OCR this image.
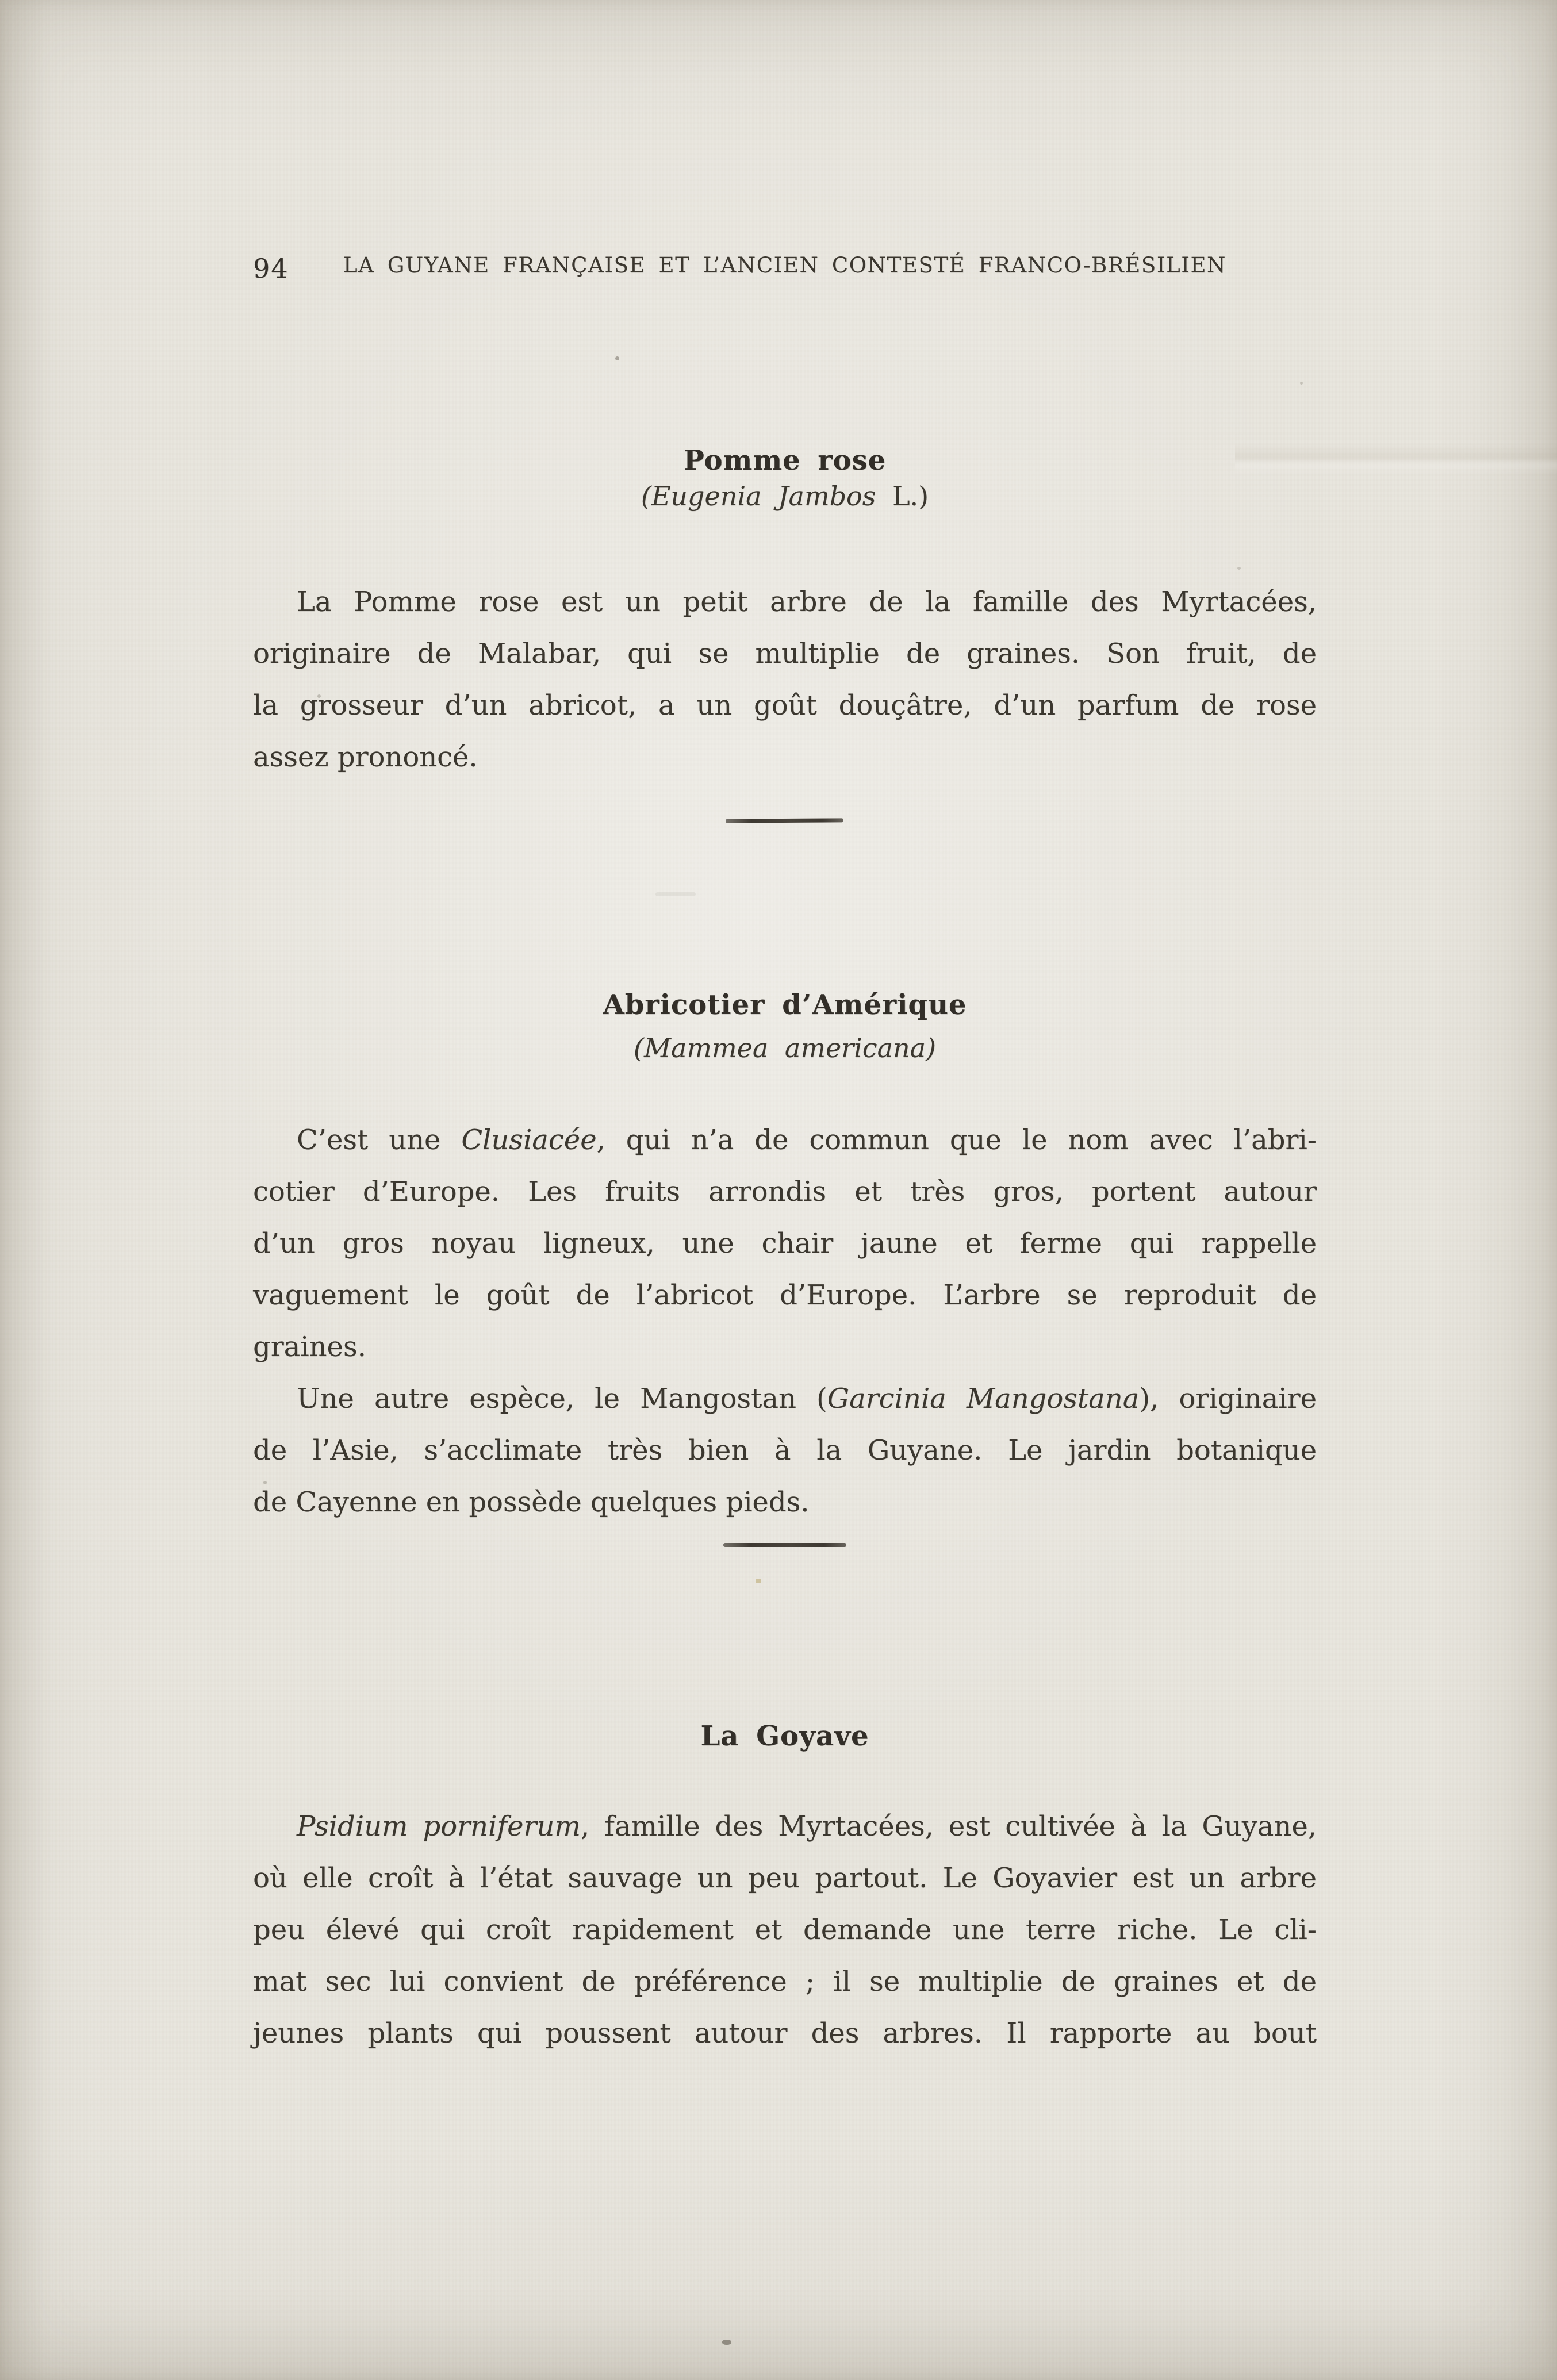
94	LA GUYANE FRANÇAISE ET L’ANCIEN CONTESTÉ FRANCO-BRÉSILIEN
Pomme rose
(Eugenia Jambos L.)
La Pomme rose est un petit arbre de la famille des Myrtacées,
originaire de Malabar, qui se multiplie de graines. Son fruit, de
la grosseur d’un abricot, a un goût douçâtre, d’un parfum de rose
assez prononcé.
Abricotier d’Amérique
(Mammea americana)
C’est une Clusiacée, qui n’a de commun que le nom avec l’abri-
cotier d’Europe. Les fruits arrondis et très gros, portent autour
d’un gros noyau ligneux, une chair jaune et ferme qui rappelle
vaguement le goût de l’abricot d’Europe. L’arbre se reproduit de
graines.
Une autre espèce, le Mangostan (Garcinia Mangostana), originaire
de l’Asie, s’acclimate très bien à la Guyane. Le jardin botanique
de Cayenne en possède quelques pieds.
La Goyave
Psidium porniferum, famille des Myrtacées, est cultivée à la Guyane,
où elle croît à l’état sauvage un peu partout. Le Goyavier est un arbre
peu élevé qui croît rapidement et demande une terre riche. Le cli-
mat sec lui convient de préférence ; il se multiplie de graines et de
jeunes plants qui poussent autour des arbres. Il rapporte au bout
